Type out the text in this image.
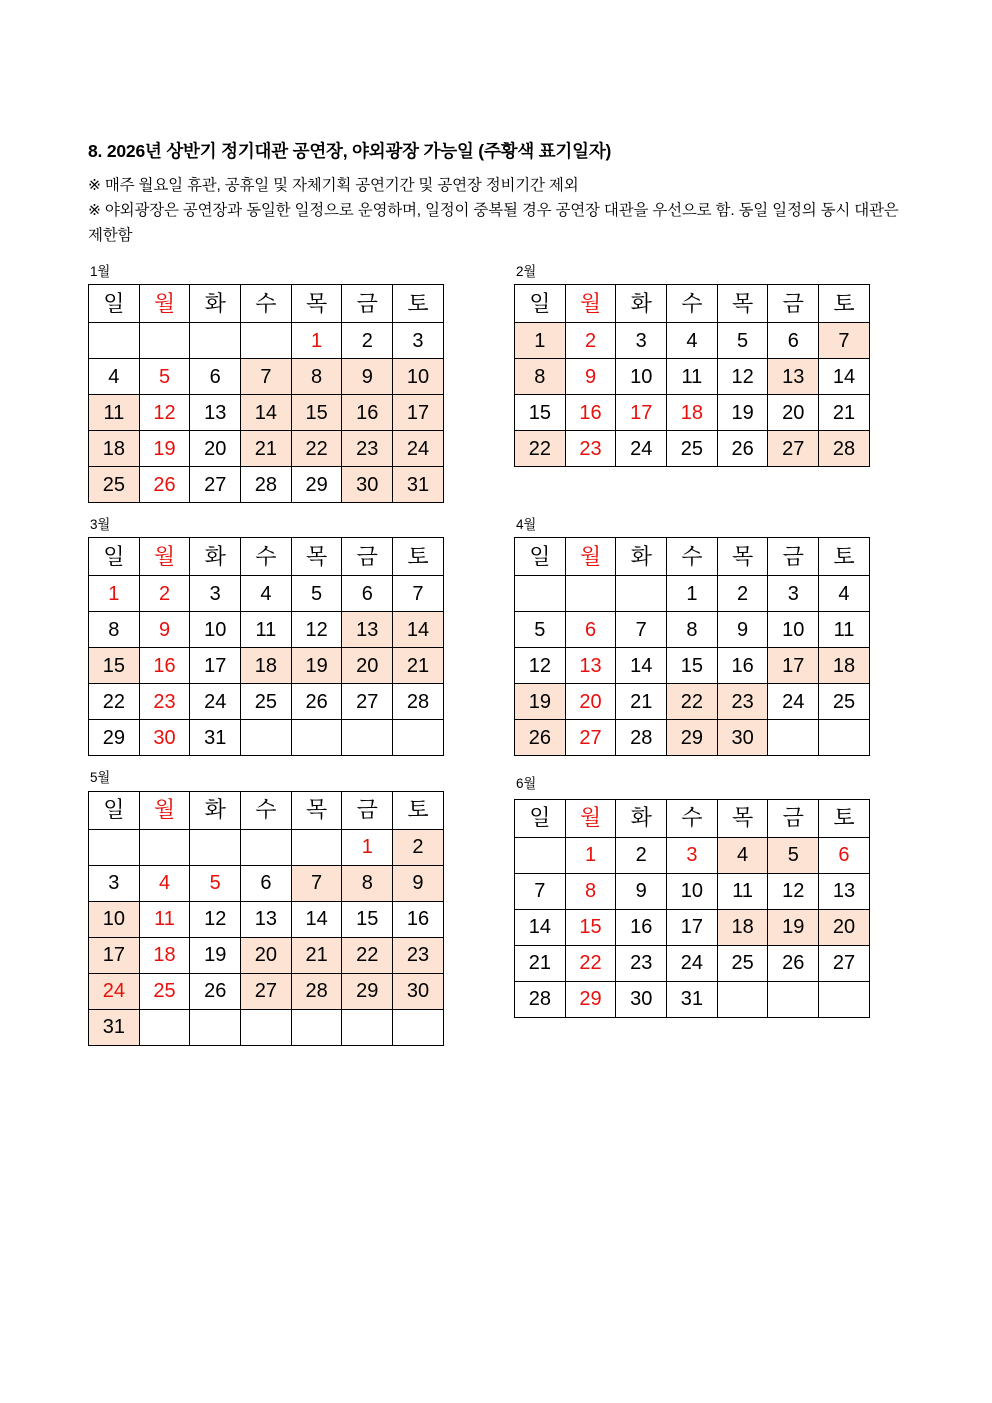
8. 2026년 상반기 정기대관 공연장, 야외광장 가능일 (주황색 표기일자)

※ 매주 월요일 휴관, 공휴일 및 자체기획 공연기간 및 공연장 정비기간 제외

※ 야외광장은 공연장과 동일한 일정으로 운영하며, 일정이 중복될 경우 공연장 대관을 우선으로 함. 동일 일정의 동시 대관은 제한함

1월
일	월	화	수	목	금	토
				1	2	3
4	5	6	7	8	9	10
11	12	13	14	15	16	17
18	19	20	21	22	23	24
25	26	27	28	29	30	31
2월
일	월	화	수	목	금	토
1	2	3	4	5	6	7
8	9	10	11	12	13	14
15	16	17	18	19	20	21
22	23	24	25	26	27	28
3월
일	월	화	수	목	금	토
1	2	3	4	5	6	7
8	9	10	11	12	13	14
15	16	17	18	19	20	21
22	23	24	25	26	27	28
29	30	31				
4월
일	월	화	수	목	금	토
			1	2	3	4
5	6	7	8	9	10	11
12	13	14	15	16	17	18
19	20	21	22	23	24	25
26	27	28	29	30		
5월
일	월	화	수	목	금	토
					1	2
3	4	5	6	7	8	9
10	11	12	13	14	15	16
17	18	19	20	21	22	23
24	25	26	27	28	29	30
31						
6월
일	월	화	수	목	금	토
	1	2	3	4	5	6
7	8	9	10	11	12	13
14	15	16	17	18	19	20
21	22	23	24	25	26	27
28	29	30	31			
